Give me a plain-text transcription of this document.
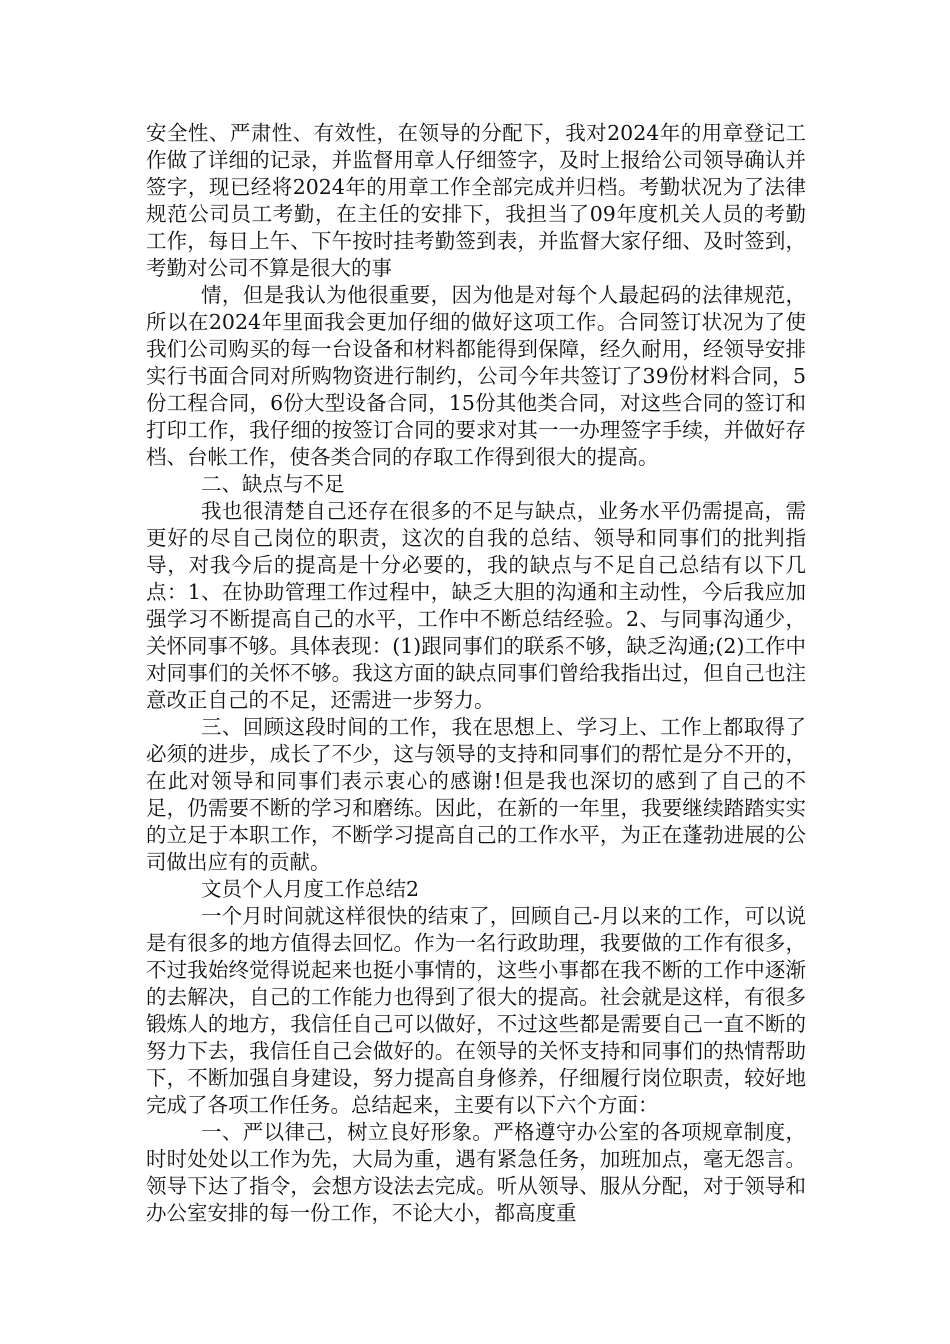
安全性、严肃性、有效性，在领导的分配下，我对2024年的用章登记工作做了详细的记录，并监督用章人仔细签字，及时上报给公司领导确认并签字，现已经将2024年的用章工作全部完成并归档。考勤状况为了法律规范公司员工考勤，在主任的安排下，我担当了09年度机关人员的考勤工作，每日上午、下午按时挂考勤签到表，并监督大家仔细、及时签到，考勤对公司不算是很大的事

情，但是我认为他很重要，因为他是对每个人最起码的法律规范，所以在2024年里面我会更加仔细的做好这项工作。合同签订状况为了使我们公司购买的每一台设备和材料都能得到保障，经久耐用，经领导安排实行书面合同对所购物资进行制约，公司今年共签订了39份材料合同，5份工程合同，6份大型设备合同，15份其他类合同，对这些合同的签订和打印工作，我仔细的按签订合同的要求对其一一办理签字手续，并做好存档、台帐工作，使各类合同的存取工作得到很大的提高。

二、缺点与不足

我也很清楚自己还存在很多的不足与缺点，业务水平仍需提高，需更好的尽自己岗位的职责，这次的自我的总结、领导和同事们的批判指导，对我今后的提高是十分必要的，我的缺点与不足自己总结有以下几点：1、在协助管理工作过程中，缺乏大胆的沟通和主动性，今后我应加强学习不断提高自己的水平，工作中不断总结经验。2、与同事沟通少，关怀同事不够。具体表现：(1)跟同事们的联系不够，缺乏沟通;(2)工作中对同事们的关怀不够。我这方面的缺点同事们曾给我指出过，但自己也注意改正自己的不足，还需进一步努力。

三、回顾这段时间的工作，我在思想上、学习上、工作上都取得了必须的进步，成长了不少，这与领导的支持和同事们的帮忙是分不开的，在此对领导和同事们表示衷心的感谢!但是我也深切的感到了自己的不足，仍需要不断的学习和磨练。因此，在新的一年里，我要继续踏踏实实的立足于本职工作，不断学习提高自己的工作水平，为正在蓬勃进展的公司做出应有的贡献。

文员个人月度工作总结2

一个月时间就这样很快的结束了，回顾自己-月以来的工作，可以说是有很多的地方值得去回忆。作为一名行政助理，我要做的工作有很多，不过我始终觉得说起来也挺小事情的，这些小事都在我不断的工作中逐渐的去解决，自己的工作能力也得到了很大的提高。社会就是这样，有很多锻炼人的地方，我信任自己可以做好，不过这些都是需要自己一直不断的努力下去，我信任自己会做好的。在领导的关怀支持和同事们的热情帮助下，不断加强自身建设，努力提高自身修养，仔细履行岗位职责，较好地完成了各项工作任务。总结起来，主要有以下六个方面：

一、严以律己，树立良好形象。严格遵守办公室的各项规章制度，时时处处以工作为先，大局为重，遇有紧急任务，加班加点，毫无怨言。领导下达了指令，会想方设法去完成。听从领导、服从分配，对于领导和办公室安排的每一份工作，不论大小，都高度重
